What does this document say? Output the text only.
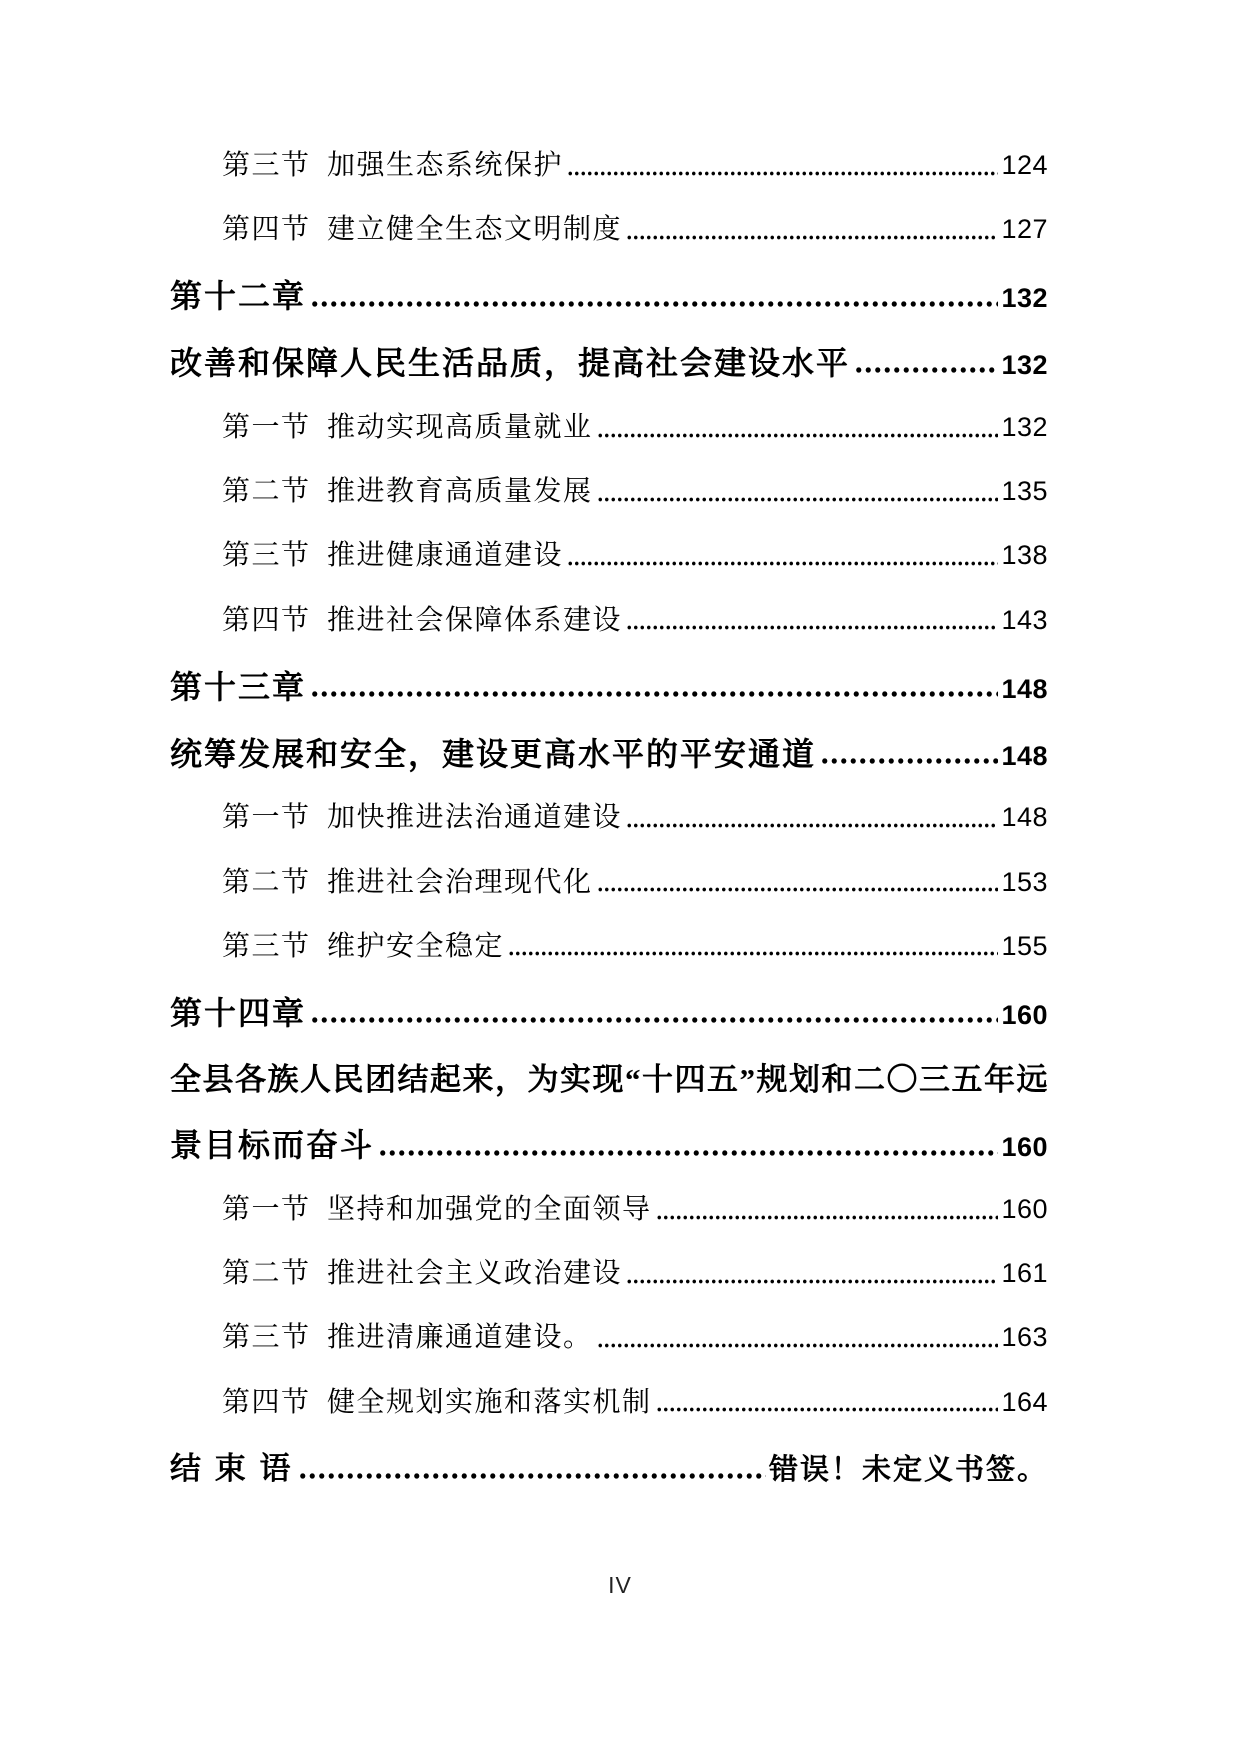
第三节 加强生态系统保护	124
第四节 建立健全生态文明制度	127
第十二章	132
改善和保障人民生活品质，提高社会建设水平	132
第一节 推动实现高质量就业	132
第二节 推进教育高质量发展	135
第三节 推进健康通道建设	138
第四节 推进社会保障体系建设	143
第十三章	148
统筹发展和安全，建设更高水平的平安通道	148
第一节 加快推进法治通道建设	148
第二节 推进社会治理现代化	153
第三节 维护安全稳定	155
第十四章	160
全县各族人民团结起来，为实现“十四五”规划和二〇三五年远
景目标而奋斗	160
第一节 坚持和加强党的全面领导	160
第二节 推进社会主义政治建设	161
第三节 推进清廉通道建设。	163
第四节 健全规划实施和落实机制	164
结 束 语	错误！未定义书签。
IV
